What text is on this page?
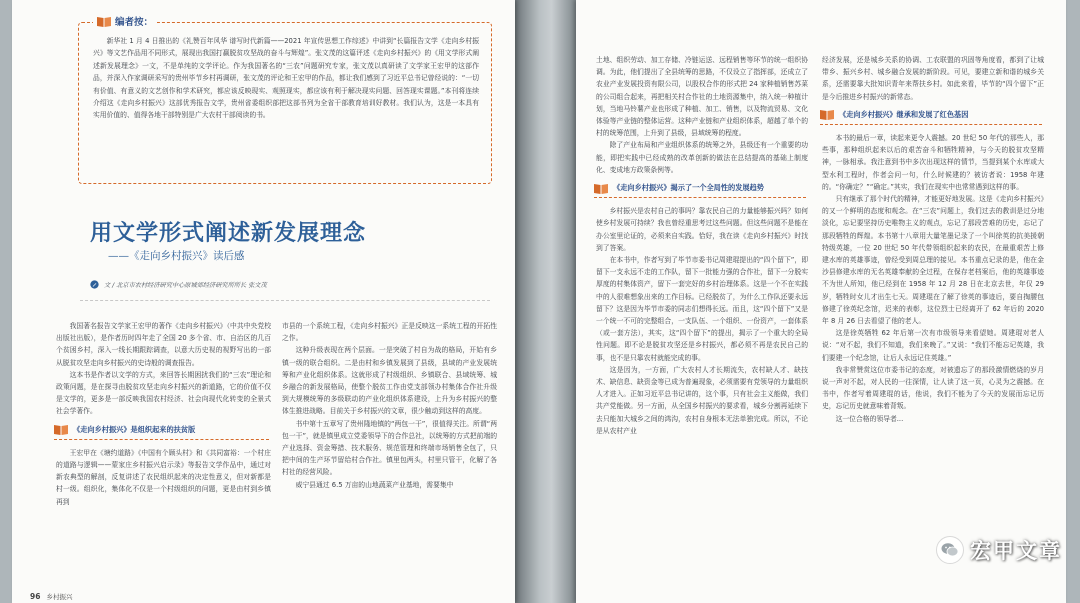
编者按：

新华社 1 月 4 日推出的《礼赞百年风华 谱写时代新篇——2021 年宣传思想工作综述》中讲到“长篇报告文学《走向乡村振兴》等文艺作品用不同形式，展现出我国打赢脱贫攻坚战的奋斗与辉煌”。张文茂的这篇评述《走向乡村振兴》的《用文学形式阐述新发展理念》一文，不是单纯的文学评论。作为我国著名的“三农”问题研究专家，张文茂以真研读了文学家王宏甲的这部作品，并深入作家调研采写的贵州毕节乡村再调研，张文茂的评论和王宏甲的作品，都让我们感到了习近平总书记曾经说的：“一切有价值、有意义的文艺创作和学术研究，都应该反映现实、观照现实，都应该有利于解决现实问题、回答现实课题。”本刊将连续介绍这《走向乡村振兴》这部优秀报告文学，贵州省委组织部把这部书列为全省干部教育培训好教材。我们认为，这是一本具有实用价值的、值得各地干部特别是广大农村干部阅读的书。

用文学形式阐述新发展理念
——《走向乡村振兴》读后感
文 / 北京市农村经济研究中心原城郊经济研究所所长 张文茂

我国著名报告文学家王宏甲的著作《走向乡村振兴》（中共中央党校出版社出版），是作者历时四年走了全国 20 多个省、市、自治区的几百个贫困乡村，深入一线长期跟踪调查，以意大历史视的视野写出的一部从脱贫攻坚走向乡村振兴的史诗般的调查报告。

这本书是作者以文学的方式，来回答长期困扰我们的“三农”理论和政策问题，是在探寻由脱贫攻坚走向乡村振兴的新道路，它的价值不仅是文学的，更多是一部反映我国农村经济、社会向现代化转变的全景式社会学著作。

《走向乡村振兴》是组织起来的扶贫版

王宏甲在《塘约道路》《中国有个顾头村》和《共同富裕：一个村庄的道路与逻辑——蒙家庄乡村振兴启示录》等报告文学作品中，通过对新农典型的解剖，反复讲述了农民组织起来的决定性意义，但对新都是村一级。组织化，集体化不仅是一个村级组织的问题，更是由村到乡镇再到

市县的一个系统工程，《走向乡村振兴》正是反映这一系统工程的开拓性之作。

这种升级表现在两个层面。一是突破了村自为战的格局，开始有乡镇一级的联合组织。二是由村和乡镇发展到了县级，县域的产业发展统筹和产业化组织体系。这就形成了村级组织、乡镇联合、县域统筹、城乡融合的新发展格局，使整个脱贫工作由党支部领办村集体合作社升级到大规模统筹的多级联动的产业化组织体系建设，上升为乡村振兴的整体生推进战略。目前关于乡村振兴的文章，很少触动到这样的高度。

书中第十五章写了贵州隆地镇的“两包一干”，很值得关注。所谓“两包一干”，就是镇里成立党委领导下的合作总社，以统筹的方式把前端的产业选择、资金筹措、技术服务、规范管理和终端市场销售全包了，只把中间的生产环节留给村合作社。镇里包两头，村里只管干，化解了各村社的经营风险。

威宁县通过 6.5 万亩的山地蔬菜产业基地，需要集中

96 乡村振兴

土地、组织劳动、加工存储、冷链运送、远程销售等环节的统一组织协调。为此，他们提出了全县统筹的思路，不仅设立了指挥部，还成立了农业产业发展投资有限公司，以股权合作的形式把 24 家种植销售苏菜的公司组合起来，再把相关村合作社的土地资源集中，纳入统一种植计划，当地马铃薯产业也形成了种植、加工、销售，以及物流贸易、文化体验等产业链的整体运营。这种产业链和产业组织体系，超越了单个的村的统筹范围，上升到了县级，县域统筹的程度。

除了产业布局和产业组织体系的统筹之外，县级还有一个重要的功能，即把实践中已经成熟的改革创新的做法在总结提高的基础上制度化、变成地方政策条例等。

《走向乡村振兴》揭示了一个全局性的发展趋势

乡村振兴是农村自己的事吗？靠农民自己的力量能够振兴吗？如何使乡村发展可持续？我也曾经重思考过这些问题。但这些问题不是能在办公室里论证的，必须来自实践。恰好，我在读《走向乡村振兴》时找到了答案。

在本书中，作者写到了毕节市委书记周建琨提出的“四个留下”，即留下一支永远不走的工作队，留下一批能力强的合作社，留下一分脱实厚度的村集体资产，留下一套完好的乡村治理体系。这是一个不在实践中的人很难想象出来的工作目标。已经脱贫了，为什么工作队还要永远留下？这是因为毕节市委的同志们想得长远。而且，这“四个留下”又是一个统一不可的完整组合，一支队伍、一个组织、一份资产，一套体系（或一套方法），其实，这“四个留下”的提出，揭示了一个重大的全局性问题。即不论是脱贫攻坚还是乡村振兴，都必须不再是农民自己的事，也不是只靠农村就能完成的事。

这是因为，一方面，广大农村人才长期流失，农村缺人才、缺技术、缺信息、缺资金等已成为普遍现象，必须需要有党领导的力量组织人才进入。正如习近平总书记讲的，这个事，只有社会主义能做，我们共产党能做。另一方面，从全国乡村振兴的要求看，城乡分割再延续下去只能加大城乡之间的鸿沟，农村自身根本无法单独完成。所以，不论是从农村产业

经济发展，还是城乡关系的协调、工农联盟的巩固等角度看，都到了让城带乡、振兴乡村、城乡融合发展的新阶段。可见，要建立新和谐的城乡关系，还需要靠大批知识青年来帮扶乡村。如此来看，毕节的“四个留下”正是今后推进乡村振兴的新常态。

《走向乡村振兴》继承和发展了红色基因

本书的最后一章，读起来更令人震撼。20 世纪 50 年代的那些人，那些事，那种组织起来以后的艰苦奋斗和牺牲精神，与今天的脱贫攻坚精神，一脉相承。我注意到书中多次出现这样的情节，当提到某个水库或大型水利工程时，作者会问一句，什么时候建的？被访者说：1958 年建的。“你确定？”“确定。”其实，我们在现实中也常常遇到这样的事。

只有继承了那个时代的精神，才能更好地发展。这是《走向乡村振兴》的又一个鲜明的态度和观念。在“三农”问题上，我们过去的教训是过分地淡化，忘记要坚持历史唯物主义的观点，忘记了那段苦难的历史，忘记了那段牺牲的辉煌。本书第十八章用大量笔墨记录了一个叫徐英的抗美援朝特级英雄，一位 20 世纪 50 年代带领组织起来的农民，在最重艰苦上修建水库的英雄事迹，曾经受到周总理的接见。本书重点记录的是，他在金沙县修建水库的无名英雄奉献的全过程，在保存老档案后，他的英雄事迹不为世人所知，他已经到在 1958 年 12 月 28 日在北京去世，年仅 29 岁，牺牲时女儿才出生七天。周建琨在了解了徐英的事迹后，要自掏腰包修建了徐英纪念馆，迟来的表彰，这位烈士已经离开了 62 年后的 2020 年 8 月 26 日去看望了他的老人。

这是徐英牺牲 62 年后第一次有市级领导来看望她。周建琨对老人说：“对不起，我们不知道，我们来晚了。”又说：“我们不能忘记英雄，我们要建一个纪念馆，让后人永远记住英雄。”

我非常赞赏这位市委书记的态度，对被遗忘了的那段激情燃烧的岁月说一声对不起，对人民的一往深情，让人读了这一页，心灵为之震撼。在书中，作者写着周建琨的话，他说，我们不能为了今天的发展而忘记历史，忘记历史就意味着背叛。

这一位合格的领导者...

宏甲文章
